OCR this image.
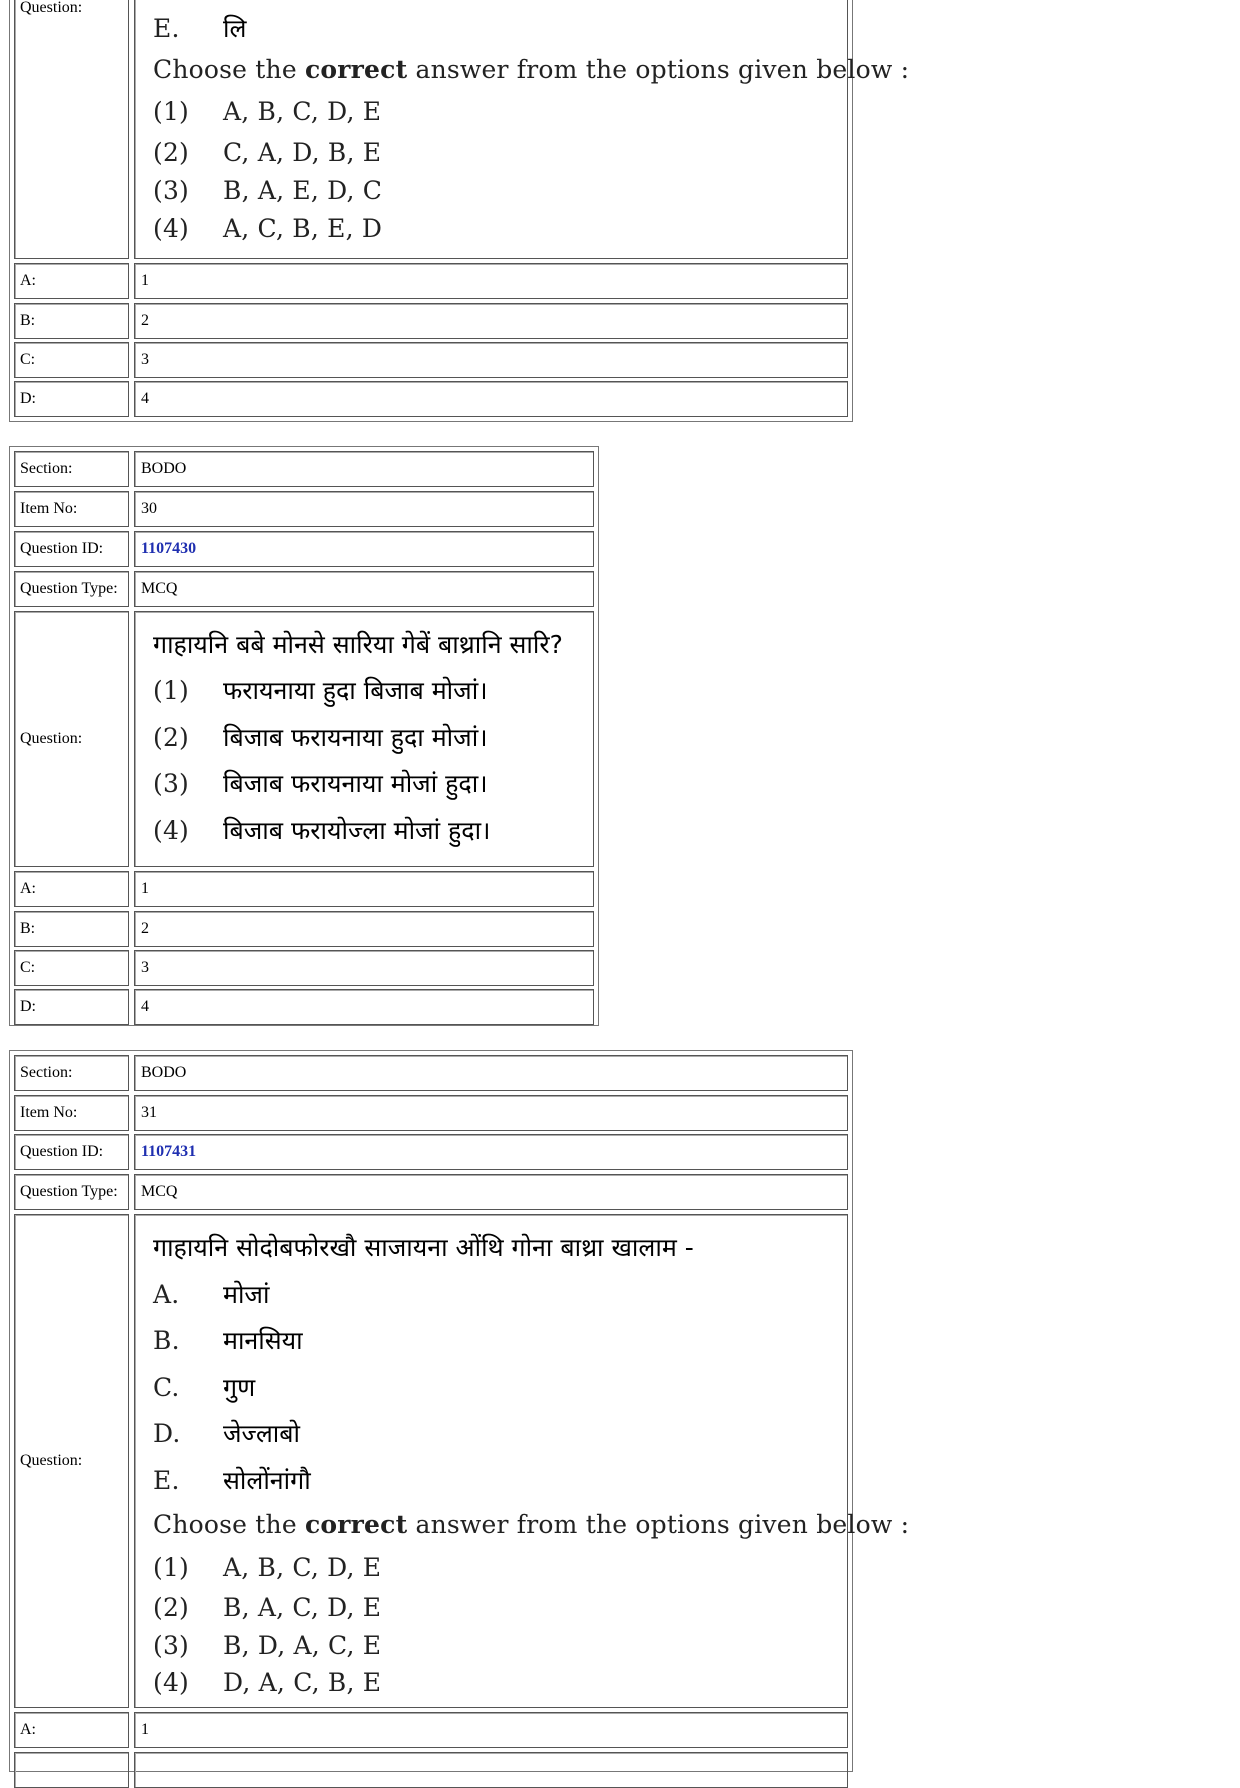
Question:
E.	लि
Choose the correct answer from the options given below :
(1)	A, B, C, D, E
(2)	C, A, D, B, E
(3)	B, A, E, D, C
(4)	A, C, B, E, D
A:	1
B:	2
C:	3
D:	4
Section:	BODO
Item No:	30
Question ID:	1107430
Question Type:	MCQ
Question:
गाहायनि बबे मोनसे सारिया गेबें बाथ्रानि सारि?
(1)	फरायनाया हुदा बिजाब मोजां।
(2)	बिजाब फरायनाया हुदा मोजां।
(3)	बिजाब फरायनाया मोजां हुदा।
(4)	बिजाब फरायोज्ला मोजां हुदा।
A:	1
B:	2
C:	3
D:	4
Section:	BODO
Item No:	31
Question ID:	1107431
Question Type:	MCQ
Question:
गाहायनि सोदोबफोरखौ साजायना ओंथि गोना बाथ्रा खालाम -
A.	मोजां
B.	मानसिया
C.	गुण
D.	जेज्लाबो
E.	सोलोंनांगौ
Choose the correct answer from the options given below :
(1)	A, B, C, D, E
(2)	B, A, C, D, E
(3)	B, D, A, C, E
(4)	D, A, C, B, E
A:	1
